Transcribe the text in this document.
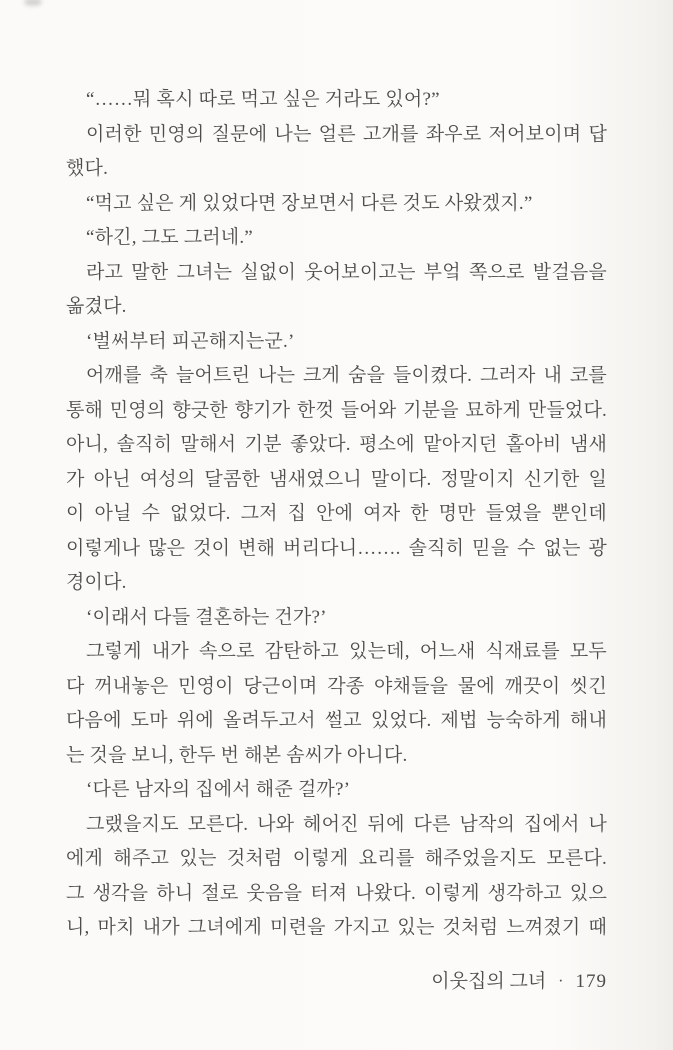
“……뭐 혹시 따로 먹고 싶은 거라도 있어?”
이러한 민영의 질문에 나는 얼른 고개를 좌우로 저어보이며 답
했다.
“먹고 싶은 게 있었다면 장보면서 다른 것도 사왔겠지.”
“하긴, 그도 그러네.”
라고 말한 그녀는 실없이 웃어보이고는 부엌 쪽으로 발걸음을
옮겼다.
‘벌써부터 피곤해지는군.’
어깨를 축 늘어트린 나는 크게 숨을 들이켰다. 그러자 내 코를
통해 민영의 향긋한 향기가 한껏 들어와 기분을 묘하게 만들었다.
아니, 솔직히 말해서 기분 좋았다. 평소에 맡아지던 홀아비 냄새
가 아닌 여성의 달콤한 냄새였으니 말이다. 정말이지 신기한 일
이 아닐 수 없었다. 그저 집 안에 여자 한 명만 들였을 뿐인데
이렇게나 많은 것이 변해 버리다니……. 솔직히 믿을 수 없는 광
경이다.
‘이래서 다들 결혼하는 건가?’
그렇게 내가 속으로 감탄하고 있는데, 어느새 식재료를 모두
다 꺼내놓은 민영이 당근이며 각종 야채들을 물에 깨끗이 씻긴
다음에 도마 위에 올려두고서 썰고 있었다. 제법 능숙하게 해내
는 것을 보니, 한두 번 해본 솜씨가 아니다.
‘다른 남자의 집에서 해준 걸까?’
그랬을지도 모른다. 나와 헤어진 뒤에 다른 남작의 집에서 나
에게 해주고 있는 것처럼 이렇게 요리를 해주었을지도 모른다.
그 생각을 하니 절로 웃음을 터져 나왔다. 이렇게 생각하고 있으
니, 마치 내가 그녀에게 미련을 가지고 있는 것처럼 느껴졌기 때
이웃집의 그녀 · 179
